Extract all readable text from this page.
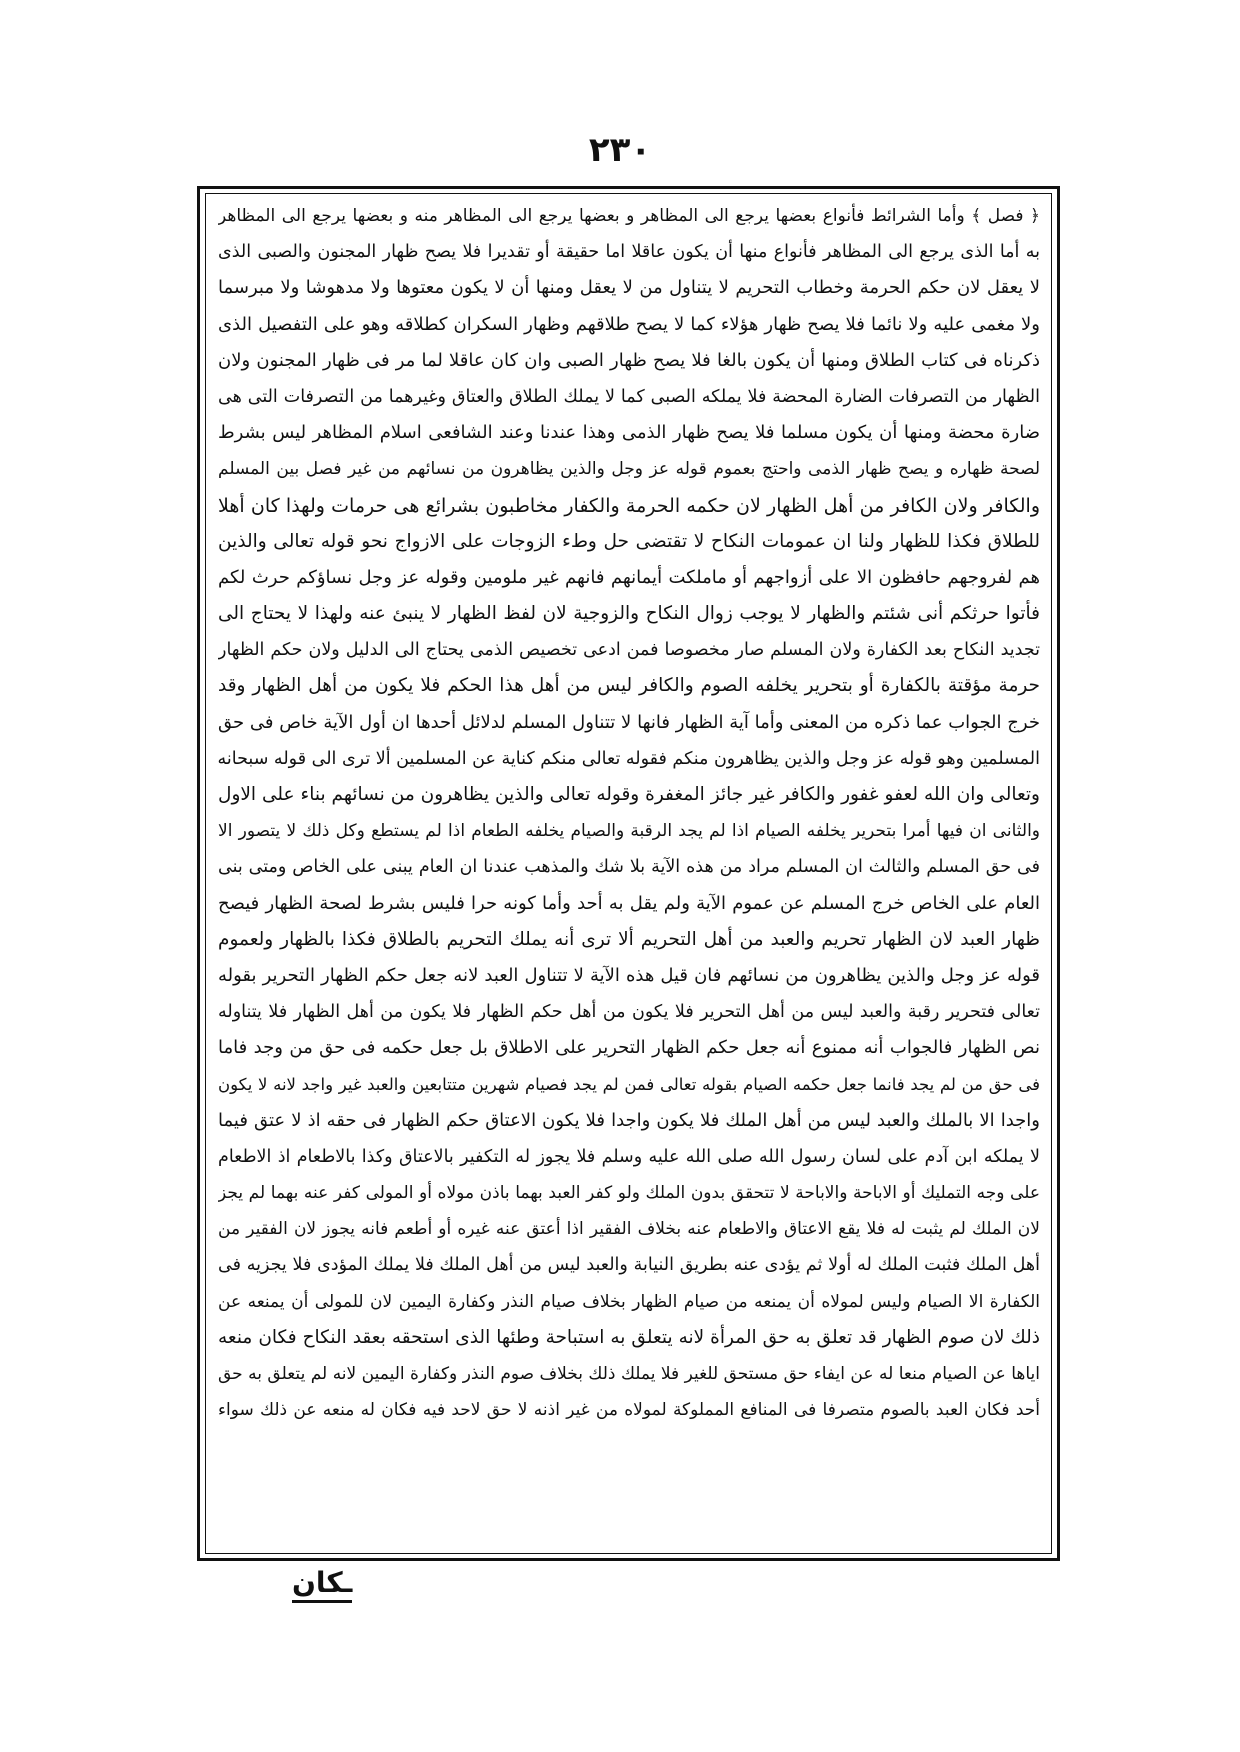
٢٣٠
﴿ فصل ﴾ وأما الشرائط فأنواع بعضها يرجع الى المظاهر و بعضها يرجع الى المظاهر منه و بعضها يرجع الى المظاهر
به أما الذى يرجع الى المظاهر فأنواع منها أن يكون عاقلا اما حقيقة أو تقديرا فلا يصح ظهار المجنون والصبى الذى
لا يعقل لان حكم الحرمة وخطاب التحريم لا يتناول من لا يعقل ومنها أن لا يكون معتوها ولا مدهوشا ولا مبرسما
ولا مغمى عليه ولا نائما فلا يصح ظهار هؤلاء كما لا يصح طلاقهم وظهار السكران كطلاقه وهو على التفصيل الذى
ذكرناه فى كتاب الطلاق ومنها أن يكون بالغا فلا يصح ظهار الصبى وان كان عاقلا لما مر فى ظهار المجنون ولان
الظهار من التصرفات الضارة المحضة فلا يملكه الصبى كما لا يملك الطلاق والعتاق وغيرهما من التصرفات التى هى
ضارة محضة ومنها أن يكون مسلما فلا يصح ظهار الذمى وهذا عندنا وعند الشافعى اسلام المظاهر ليس بشرط
لصحة ظهاره و يصح ظهار الذمى واحتج بعموم قوله عز وجل والذين يظاهرون من نسائهم من غير فصل بين المسلم
والكافر ولان الكافر من أهل الظهار لان حكمه الحرمة والكفار مخاطبون بشرائع هى حرمات ولهذا كان أهلا
للطلاق فكذا للظهار ولنا ان عمومات النكاح لا تقتضى حل وطء الزوجات على الازواج نحو قوله تعالى والذين
هم لفروجهم حافظون الا على أزواجهم أو ماملكت أيمانهم فانهم غير ملومين وقوله عز وجل نساؤكم حرث لكم
فأتوا حرثكم أنى شئتم والظهار لا يوجب زوال النكاح والزوجية لان لفظ الظهار لا ينبئ عنه ولهذا لا يحتاج الى
تجديد النكاح بعد الكفارة ولان المسلم صار مخصوصا فمن ادعى تخصيص الذمى يحتاج الى الدليل ولان حكم الظهار
حرمة مؤقتة بالكفارة أو بتحرير يخلفه الصوم والكافر ليس من أهل هذا الحكم فلا يكون من أهل الظهار وقد
خرج الجواب عما ذكره من المعنى وأما آية الظهار فانها لا تتناول المسلم لدلائل أحدها ان أول الآية خاص فى حق
المسلمين وهو قوله عز وجل والذين يظاهرون منكم فقوله تعالى منكم كناية عن المسلمين ألا ترى الى قوله سبحانه
وتعالى وان الله لعفو غفور والكافر غير جائز المغفرة وقوله تعالى والذين يظاهرون من نسائهم بناء على الاول
والثانى ان فيها أمرا بتحرير يخلفه الصيام اذا لم يجد الرقبة والصيام يخلفه الطعام اذا لم يستطع وكل ذلك لا يتصور الا
فى حق المسلم والثالث ان المسلم مراد من هذه الآية بلا شك والمذهب عندنا ان العام يبنى على الخاص ومتى بنى
العام على الخاص خرج المسلم عن عموم الآية ولم يقل به أحد وأما كونه حرا فليس بشرط لصحة الظهار فيصح
ظهار العبد لان الظهار تحريم والعبد من أهل التحريم ألا ترى أنه يملك التحريم بالطلاق فكذا بالظهار ولعموم
قوله عز وجل والذين يظاهرون من نسائهم فان قيل هذه الآية لا تتناول العبد لانه جعل حكم الظهار التحرير بقوله
تعالى فتحرير رقبة والعبد ليس من أهل التحرير فلا يكون من أهل حكم الظهار فلا يكون من أهل الظهار فلا يتناوله
نص الظهار فالجواب أنه ممنوع أنه جعل حكم الظهار التحرير على الاطلاق بل جعل حكمه فى حق من وجد فاما
فى حق من لم يجد فانما جعل حكمه الصيام بقوله تعالى فمن لم يجد فصيام شهرين متتابعين والعبد غير واجد لانه لا يكون
واجدا الا بالملك والعبد ليس من أهل الملك فلا يكون واجدا فلا يكون الاعتاق حكم الظهار فى حقه اذ لا عتق فيما
لا يملكه ابن آدم على لسان رسول الله صلى الله عليه وسلم فلا يجوز له التكفير بالاعتاق وكذا بالاطعام اذ الاطعام
على وجه التمليك أو الاباحة والاباحة لا تتحقق بدون الملك ولو كفر العبد بهما باذن مولاه أو المولى كفر عنه بهما لم يجز
لان الملك لم يثبت له فلا يقع الاعتاق والاطعام عنه بخلاف الفقير اذا أعتق عنه غيره أو أطعم فانه يجوز لان الفقير من
أهل الملك فثبت الملك له أولا ثم يؤدى عنه بطريق النيابة والعبد ليس من أهل الملك فلا يملك المؤدى فلا يجزيه فى
الكفارة الا الصيام وليس لمولاه أن يمنعه من صيام الظهار بخلاف صيام النذر وكفارة اليمين لان للمولى أن يمنعه عن
ذلك لان صوم الظهار قد تعلق به حق المرأة لانه يتعلق به استباحة وطئها الذى استحقه بعقد النكاح فكان منعه
اياها عن الصيام منعا له عن ايفاء حق مستحق للغير فلا يملك ذلك بخلاف صوم النذر وكفارة اليمين لانه لم يتعلق به حق
أحد فكان العبد بالصوم متصرفا فى المنافع المملوكة لمولاه من غير اذنه لا حق لاحد فيه فكان له منعه عن ذلك سواء
ـكان
